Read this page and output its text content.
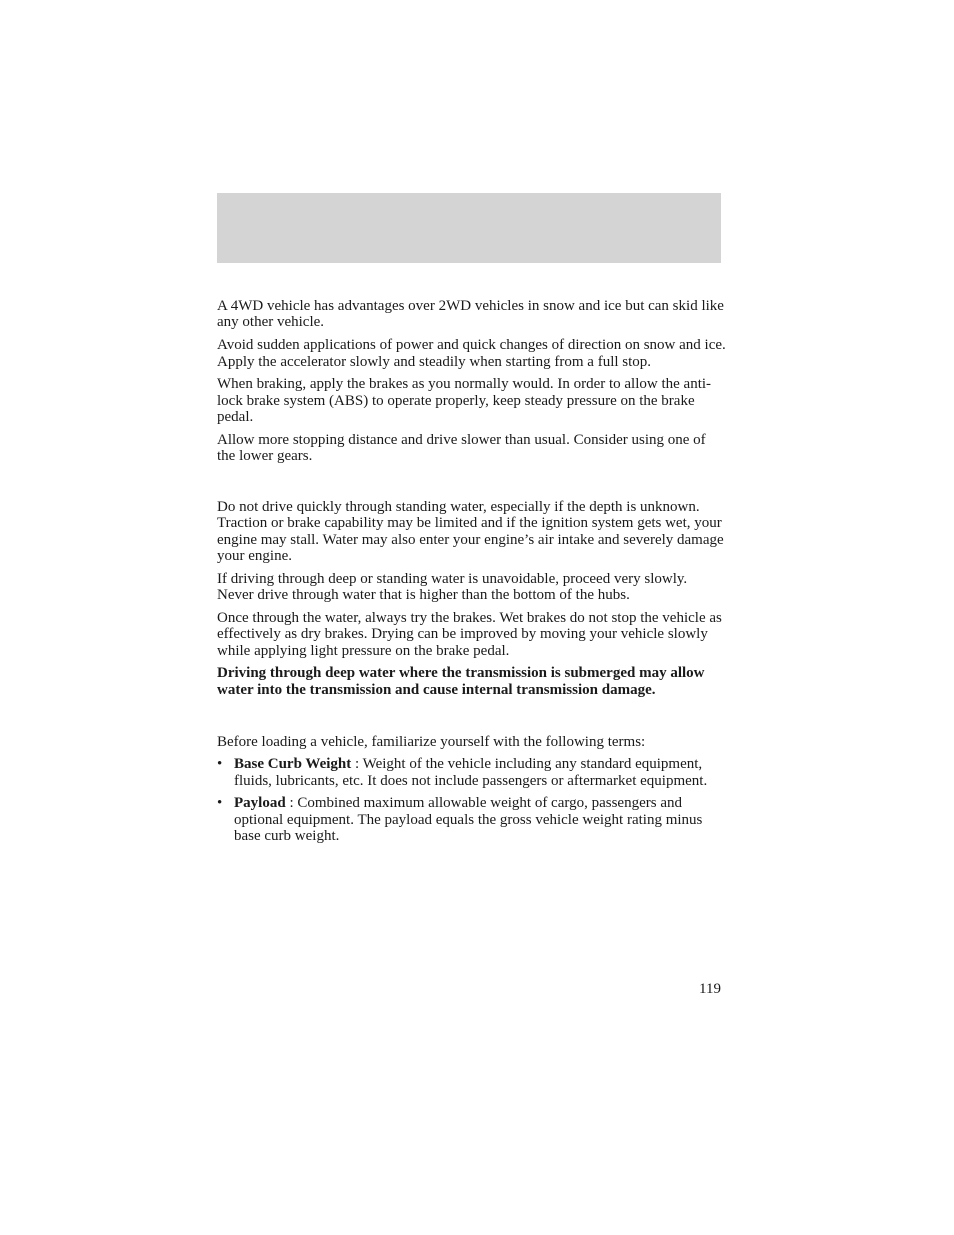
A 4WD vehicle has advantages over 2WD vehicles in snow and ice but can skid like any other vehicle.

Avoid sudden applications of power and quick changes of direction on snow and ice. Apply the accelerator slowly and steadily when starting from a full stop.

When braking, apply the brakes as you normally would. In order to allow the anti-lock brake system (ABS) to operate properly, keep steady pressure on the brake pedal.

Allow more stopping distance and drive slower than usual. Consider using one of the lower gears.

Do not drive quickly through standing water, especially if the depth is unknown. Traction or brake capability may be limited and if the ignition system gets wet, your engine may stall. Water may also enter your engine’s air intake and severely damage your engine.

If driving through deep or standing water is unavoidable, proceed very slowly. Never drive through water that is higher than the bottom of the hubs.

Once through the water, always try the brakes. Wet brakes do not stop the vehicle as effectively as dry brakes. Drying can be improved by moving your vehicle slowly while applying light pressure on the brake pedal.

Driving through deep water where the transmission is submerged may allow water into the transmission and cause internal transmission damage.

Before loading a vehicle, familiarize yourself with the following terms:

• Base Curb Weight : Weight of the vehicle including any standard equipment, fluids, lubricants, etc. It does not include passengers or aftermarket equipment.
• Payload : Combined maximum allowable weight of cargo, passengers and optional equipment. The payload equals the gross vehicle weight rating minus base curb weight.
119
